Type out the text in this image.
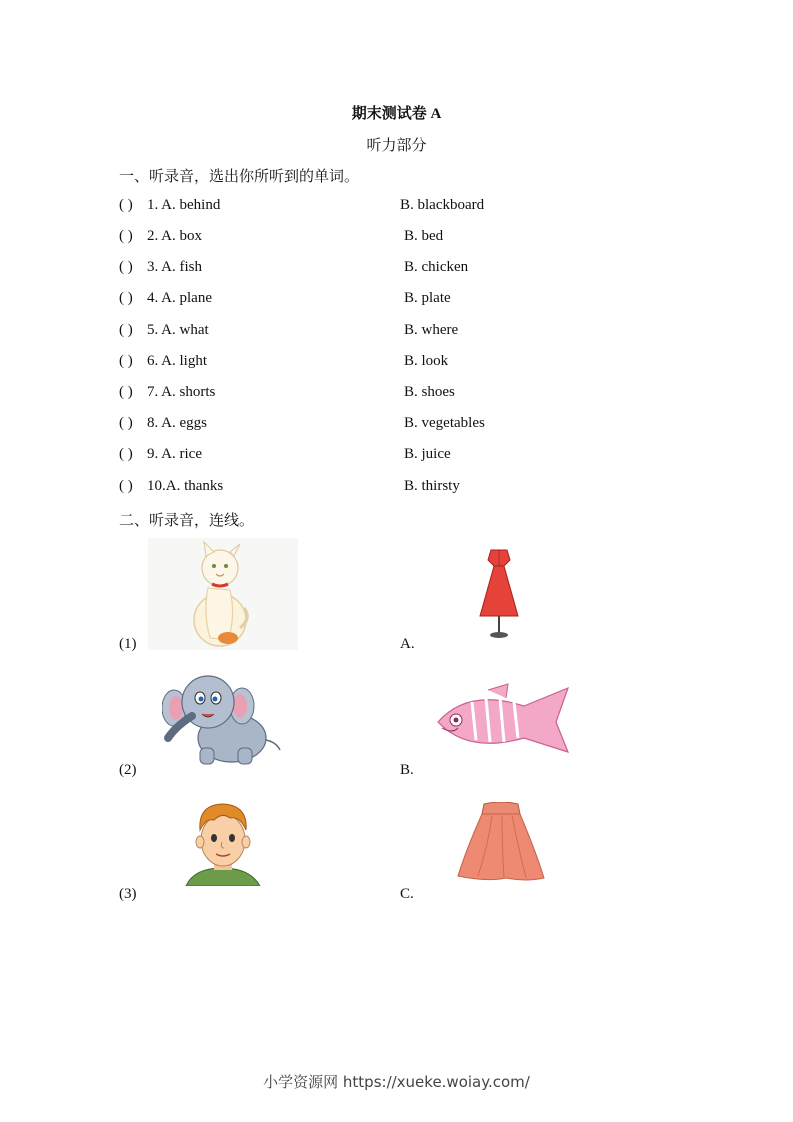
期末测试卷 A
听力部分
一、听录音，选出你所听到的单词。
( ) 1. A. behind	B. blackboard
( ) 2. A. box	B. bed
( ) 3. A. fish	B. chicken
( ) 4. A. plane	B. plate
( ) 5. A. what	B. where
( ) 6. A. light	B. look
( ) 7. A. shorts	B. shoes
( ) 8. A. eggs	B. vegetables
( ) 9. A. rice	B. juice
( ) 10.A. thanks	B. thirsty
二、听录音，连线。
(1)
(2)
(3)
A.
B.
C.
小学资源网 https://xueke.woiay.com/
